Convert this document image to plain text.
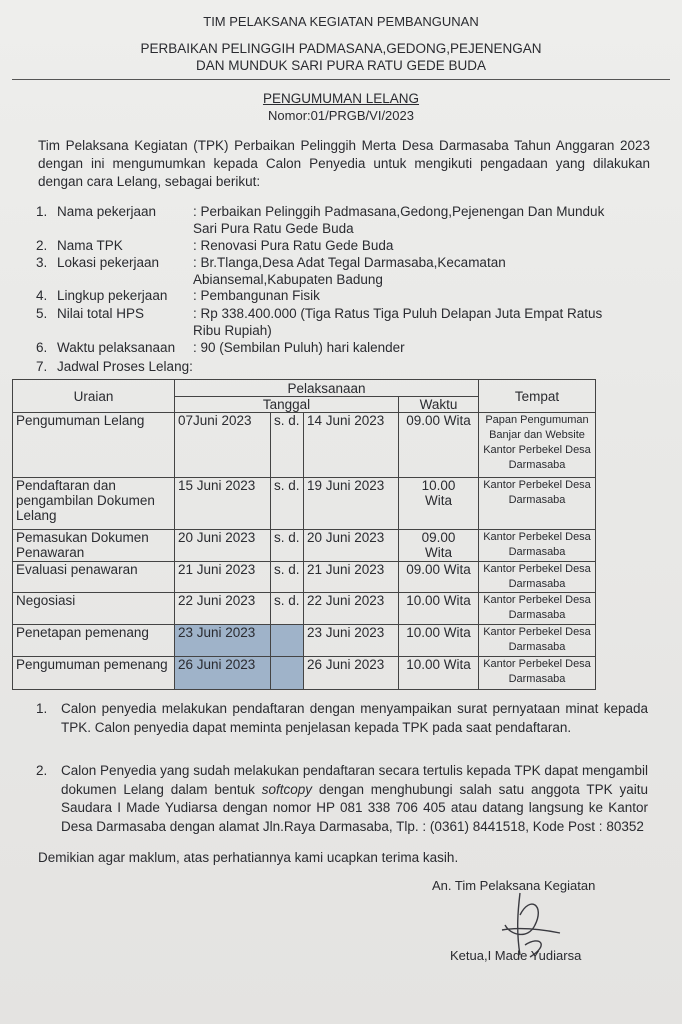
TIM PELAKSANA KEGIATAN PEMBANGUNAN
PERBAIKAN PELINGGIH PADMASANA,GEDONG,PEJENENGAN
DAN MUNDUK SARI PURA RATU GEDE BUDA
PENGUMUMAN LELANG
Nomor:01/PRGB/VI/2023
Tim Pelaksana Kegiatan (TPK) Perbaikan Pelinggih Merta Desa Darmasaba Tahun Anggaran 2023 dengan ini mengumumkan kepada Calon Penyedia untuk mengikuti pengadaan yang dilakukan dengan cara Lelang, sebagai berikut:
1. Nama pekerjaan	: Perbaikan Pelinggih Padmasana,Gedong,Pejenengan Dan Munduk Sari Pura Ratu Gede Buda
2. Nama TPK	: Renovasi Pura Ratu Gede Buda
3. Lokasi pekerjaan	: Br.Tlanga,Desa Adat Tegal Darmasaba,Kecamatan Abiansemal,Kabupaten Badung
4. Lingkup pekerjaan	: Pembangunan Fisik
5. Nilai total HPS	: Rp 338.400.000 (Tiga Ratus Tiga Puluh Delapan Juta Empat Ratus Ribu Rupiah)
6. Waktu pelaksanaan	: 90 (Sembilan Puluh) hari kalender
7. Jadwal Proses Lelang:
Uraian	Pelaksanaan				Tempat
	Tanggal			Waktu	
Pengumuman Lelang	07Juni 2023	s. d.	14 Juni 2023	09.00 Wita	Papan Pengumuman Banjar dan Website Kantor Perbekel Desa Darmasaba
Pendaftaran dan pengambilan Dokumen Lelang	15 Juni 2023	s. d.	19 Juni 2023	10.00 Wita	Kantor Perbekel Desa Darmasaba
Pemasukan Dokumen Penawaran	20 Juni 2023	s. d.	20 Juni 2023	09.00 Wita	Kantor Perbekel Desa Darmasaba
Evaluasi penawaran	21 Juni 2023	s. d.	21 Juni 2023	09.00 Wita	Kantor Perbekel Desa Darmasaba
Negosiasi	22 Juni 2023	s. d.	22 Juni 2023	10.00 Wita	Kantor Perbekel Desa Darmasaba
Penetapan pemenang	23 Juni 2023		23 Juni 2023	10.00 Wita	Kantor Perbekel Desa Darmasaba
Pengumuman pemenang	26 Juni 2023		26 Juni 2023	10.00 Wita	Kantor Perbekel Desa Darmasaba
1. Calon penyedia melakukan pendaftaran dengan menyampaikan surat pernyataan minat kepada TPK. Calon penyedia dapat meminta penjelasan kepada TPK pada saat pendaftaran.
2. Calon Penyedia yang sudah melakukan pendaftaran secara tertulis kepada TPK dapat mengambil dokumen Lelang dalam bentuk softcopy dengan menghubungi salah satu anggota TPK yaitu Saudara I Made Yudiarsa dengan nomor HP 081 338 706 405 atau datang langsung ke Kantor Desa Darmasaba dengan alamat Jln.Raya Darmasaba, Tlp. : (0361) 8441518, Kode Post : 80352
Demikian agar maklum, atas perhatiannya kami ucapkan terima kasih.
An. Tim Pelaksana Kegiatan
Ketua,I Made Yudiarsa
